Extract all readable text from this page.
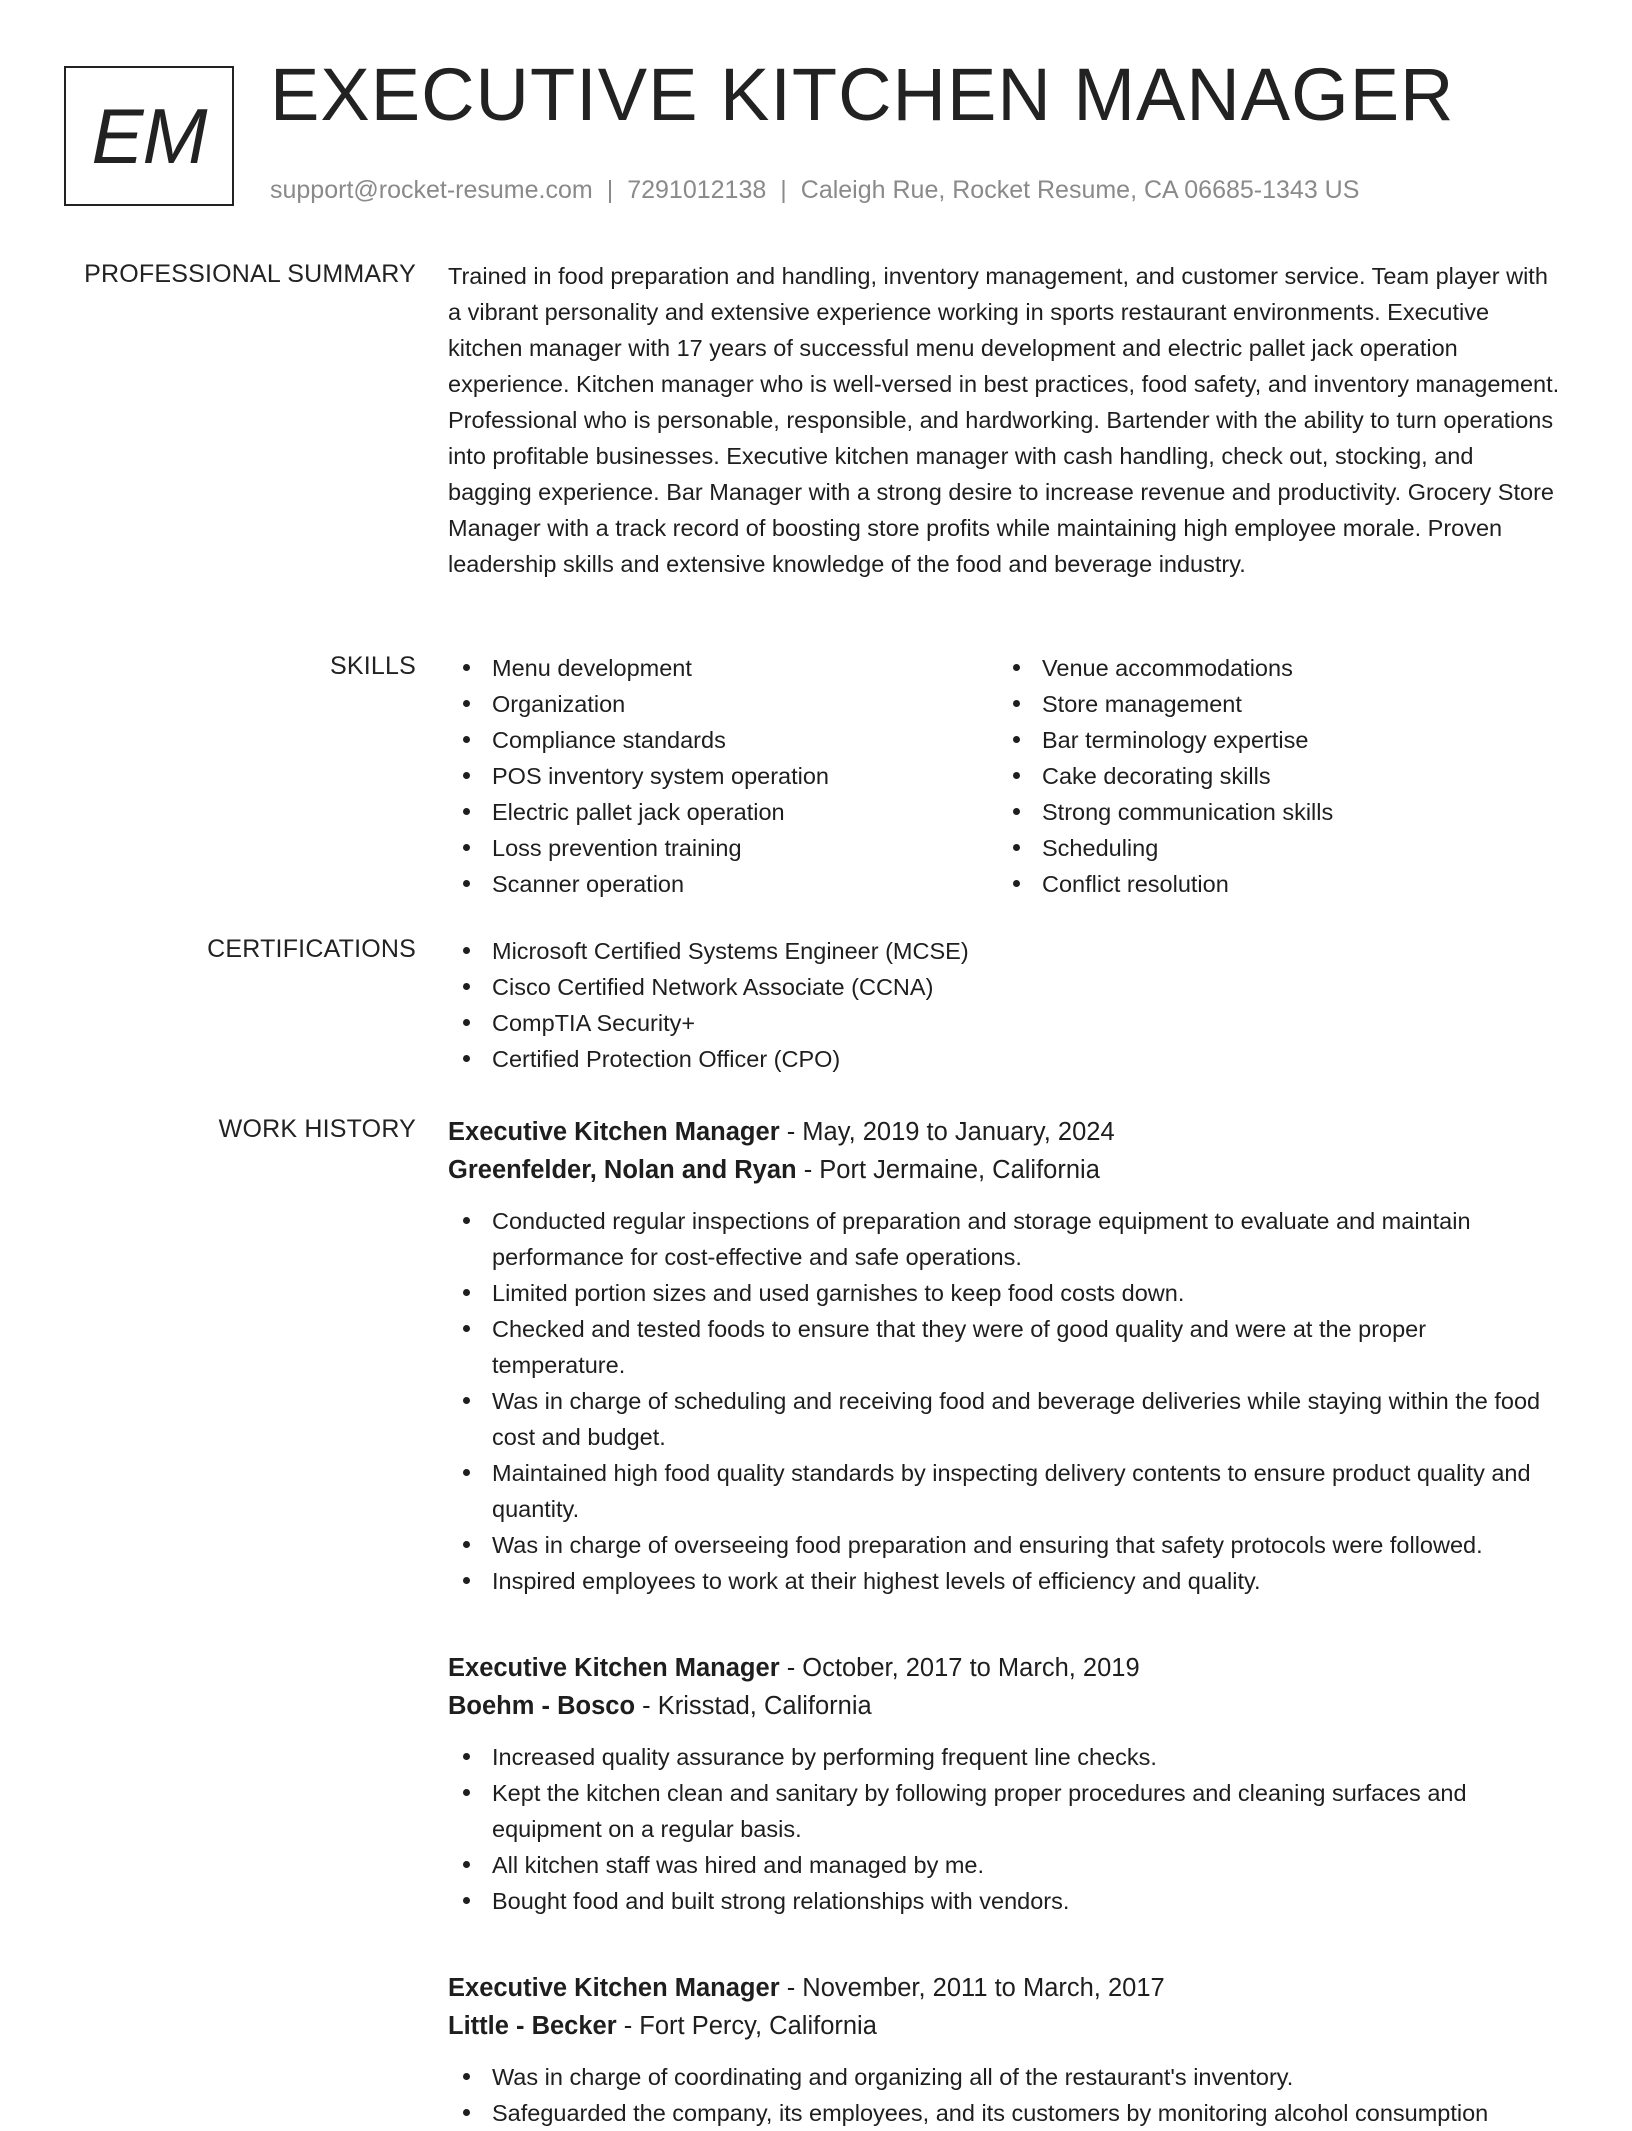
EM EXECUTIVE KITCHEN MANAGER
support@rocket-resume.com | 7291012138 | Caleigh Rue, Rocket Resume, CA 06685-1343 US
PROFESSIONAL SUMMARY Trained in food preparation and handling, inventory management, and customer service. Team player with a vibrant personality and extensive experience working in sports restaurant environments. Executive kitchen manager with 17 years of successful menu development and electric pallet jack operation experience. Kitchen manager who is well-versed in best practices, food safety, and inventory management. Professional who is personable, responsible, and hardworking. Bartender with the ability to turn operations into profitable businesses. Executive kitchen manager with cash handling, check out, stocking, and bagging experience. Bar Manager with a strong desire to increase revenue and productivity. Grocery Store Manager with a track record of boosting store profits while maintaining high employee morale. Proven leadership skills and extensive knowledge of the food and beverage industry.

SKILLS	Menu development
Organization
Compliance standards
POS inventory system operation
Electric pallet jack operation
Loss prevention training
Scanner operation
Venue accommodations
Store management
Bar terminology expertise
Cake decorating skills
Strong communication skills
Scheduling
Conflict resolution
CERTIFICATIONS	Microsoft Certified Systems Engineer (MCSE)
Cisco Certified Network Associate (CCNA)
CompTIA Security+
Certified Protection Officer (CPO)
WORK HISTORY Executive Kitchen Manager - May, 2019 to January, 2024
Greenfelder, Nolan and Ryan - Port Jermaine, California
Conducted regular inspections of preparation and storage equipment to evaluate and maintain performance for cost-effective and safe operations.
Limited portion sizes and used garnishes to keep food costs down.
Checked and tested foods to ensure that they were of good quality and were at the proper temperature.
Was in charge of scheduling and receiving food and beverage deliveries while staying within the food cost and budget.
Maintained high food quality standards by inspecting delivery contents to ensure product quality and quantity.
Was in charge of overseeing food preparation and ensuring that safety protocols were followed.
Inspired employees to work at their highest levels of efficiency and quality.
Executive Kitchen Manager - October, 2017 to March, 2019
Boehm - Bosco - Krisstad, California
Increased quality assurance by performing frequent line checks.
Kept the kitchen clean and sanitary by following proper procedures and cleaning surfaces and equipment on a regular basis.
All kitchen staff was hired and managed by me.
Bought food and built strong relationships with vendors.
Executive Kitchen Manager - November, 2011 to March, 2017
Little - Becker - Fort Percy, California
Was in charge of coordinating and organizing all of the restaurant's inventory.
Safeguarded the company, its employees, and its customers by monitoring alcohol consumption
